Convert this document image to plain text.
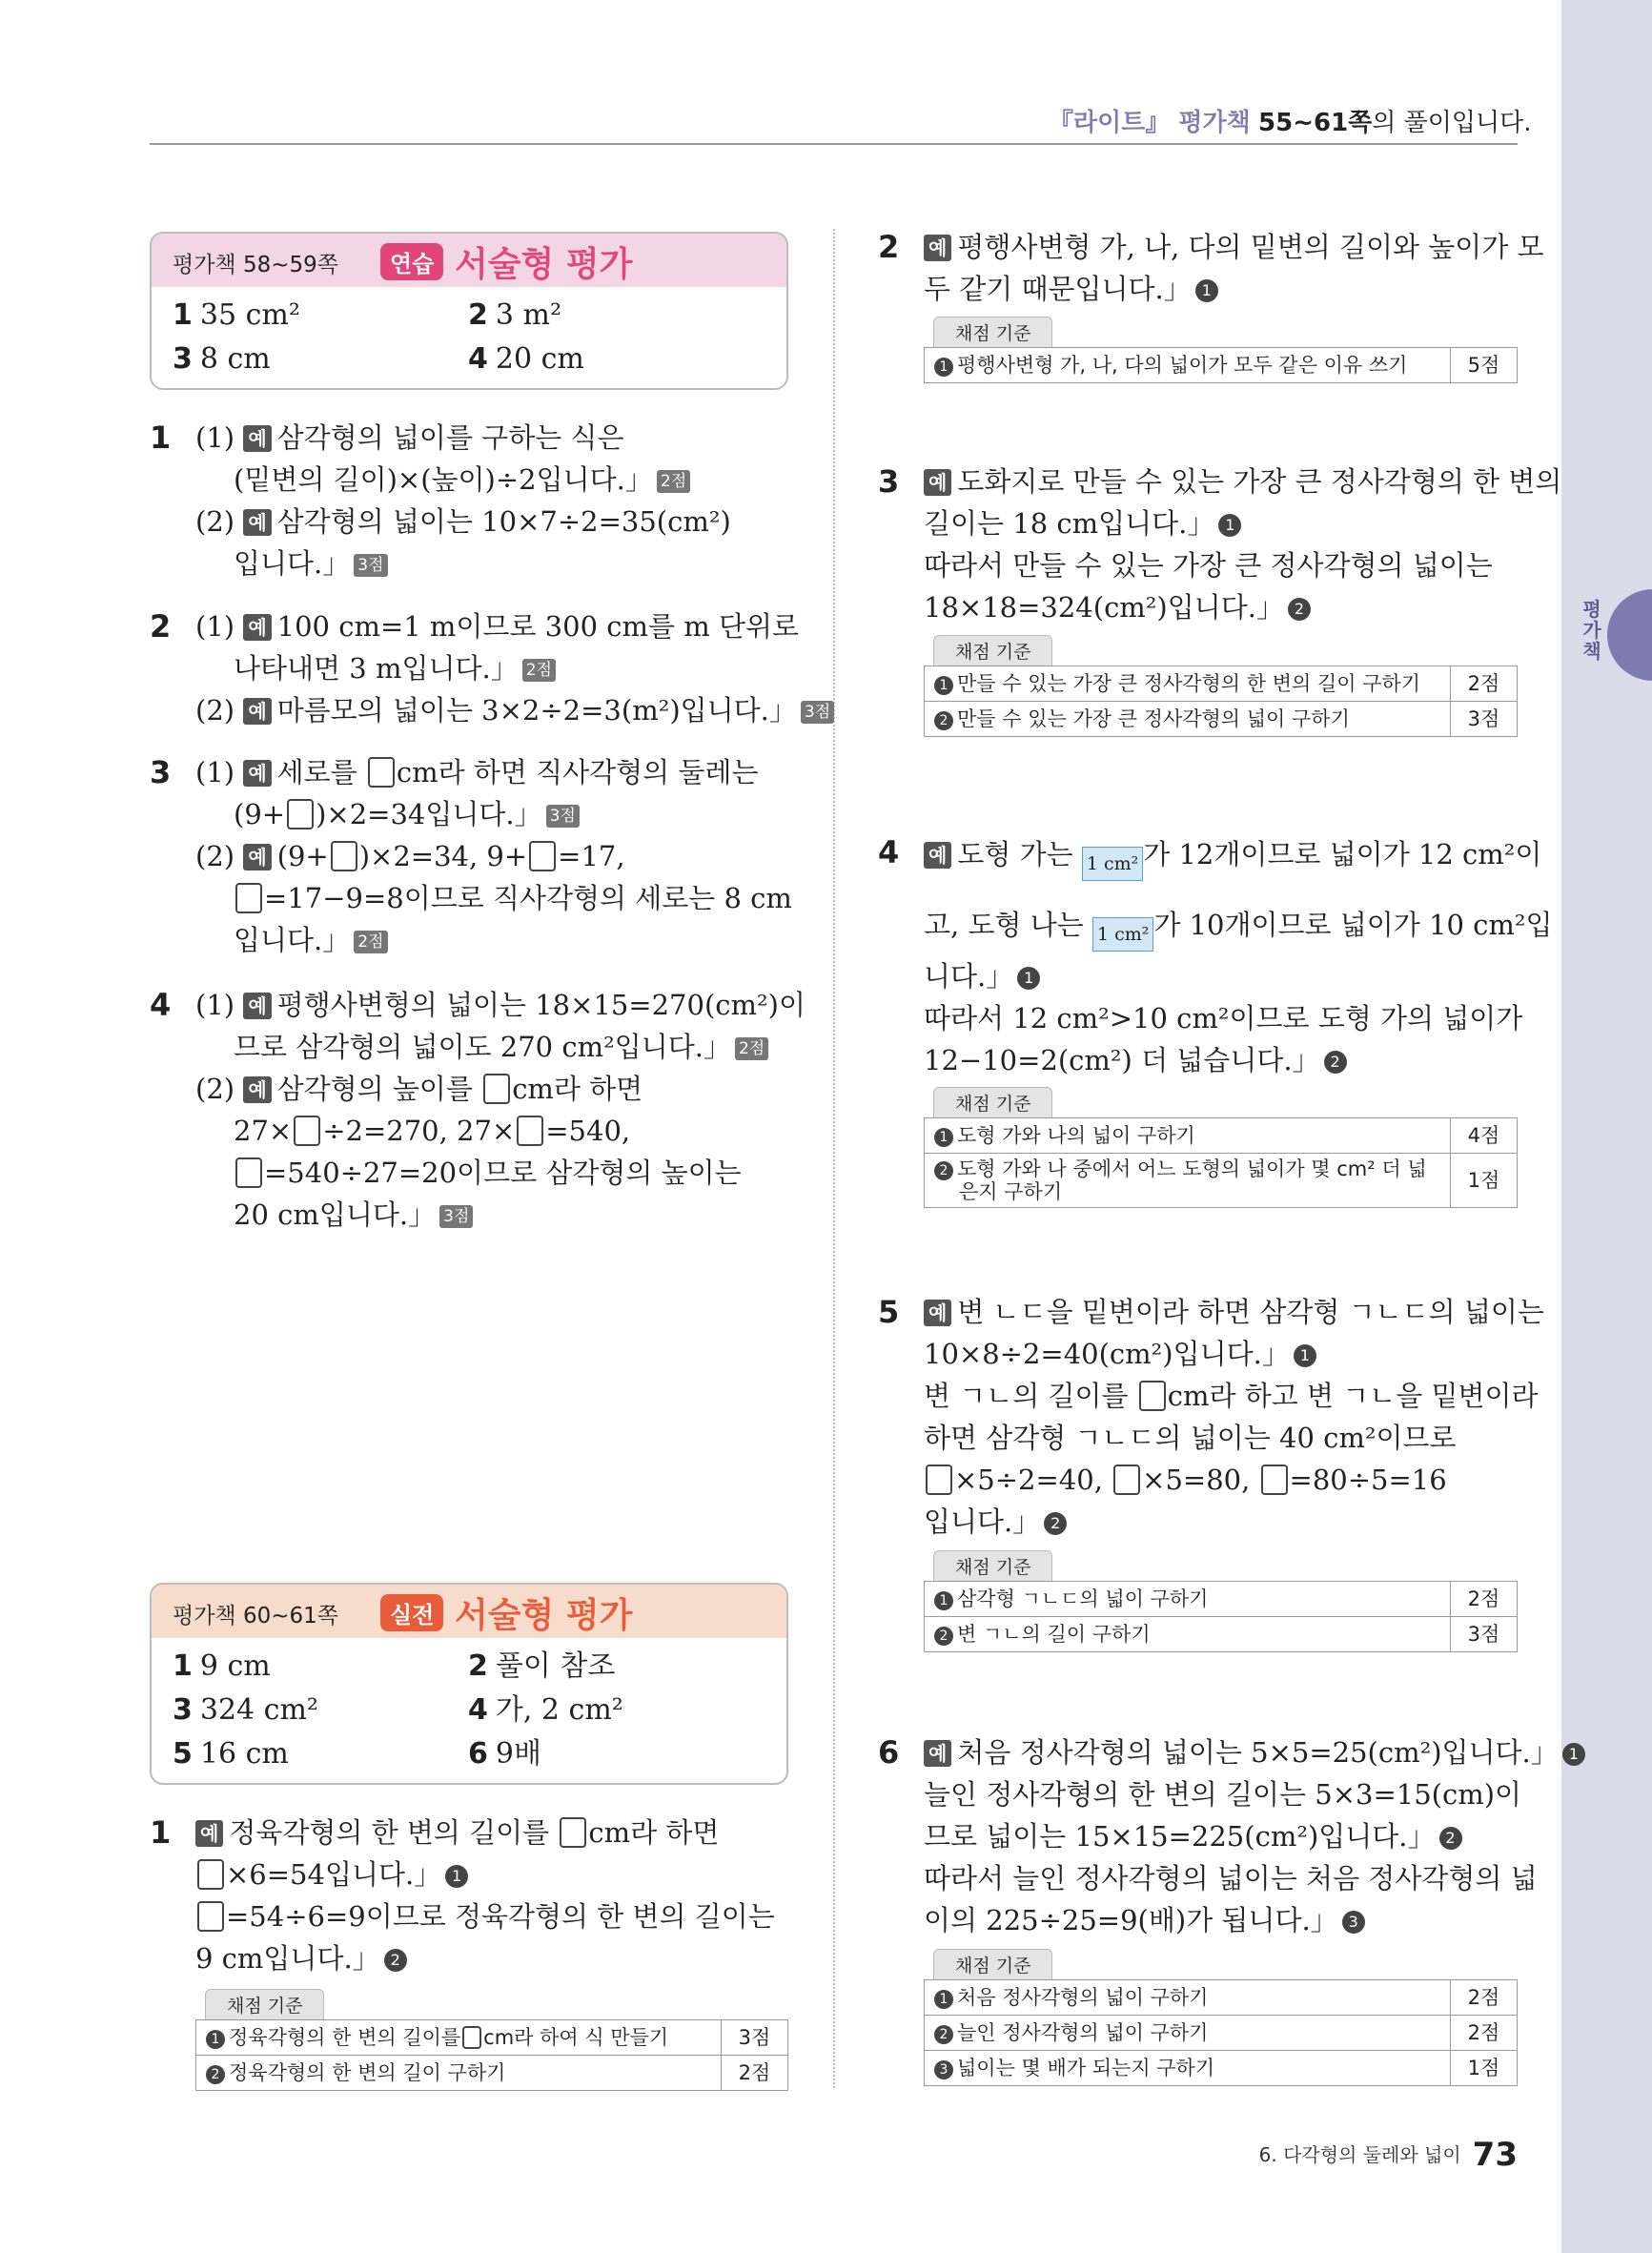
평가책
『라이트』 평가책 55~61쪽의 풀이입니다.
평가책 58~59쪽	연습 서술형 평가
1 35 cm²	2 3 m²
3 8 cm	4 20 cm
1 (1) 예 삼각형의 넓이를 구하는 식은
(밑변의 길이)×(높이)÷2입니다.」 2점
(2) 예 삼각형의 넓이는 10×7÷2=35(cm²)
입니다.」 3점
2 (1) 예 100 cm=1 m이므로 300 cm를 m 단위로
나타내면 3 m입니다.」 2점
(2) 예 마름모의 넓이는 3×2÷2=3(m²)입니다.」 3점
3 (1) 예 세로를 cm라 하면 직사각형의 둘레는
(9+ )×2=34입니다.」 3점
(2) 예 (9+ )×2=34, 9+ =17,
=17−9=8이므로 직사각형의 세로는 8 cm
입니다.」 2점
4 (1) 예 평행사변형의 넓이는 18×15=270(cm²)이
므로 삼각형의 넓이도 270 cm²입니다.」 2점
(2) 예 삼각형의 높이를 cm라 하면
27× ÷2=270, 27× =540,
=540÷27=20이므로 삼각형의 높이는
20 cm입니다.」 3점
평가책 60~61쪽	실전 서술형 평가
1 9 cm	2 풀이 참조
3 324 cm²	4 가, 2 cm²
5 16 cm	6 9배
1 예 정육각형의 한 변의 길이를 cm라 하면
×6=54입니다.」 1
=54÷6=9이므로 정육각형의 한 변의 길이는
9 cm입니다.」 2
채점 기준
1 정육각형의 한 변의 길이를 cm라 하여 식 만들기	3점
2 정육각형의 한 변의 길이 구하기	2점
2 예 평행사변형 가, 나, 다의 밑변의 길이와 높이가 모
두 같기 때문입니다.」 1
채점 기준
1 평행사변형 가, 나, 다의 넓이가 모두 같은 이유 쓰기	5점
3 예 도화지로 만들 수 있는 가장 큰 정사각형의 한 변의
길이는 18 cm입니다.」 1
따라서 만들 수 있는 가장 큰 정사각형의 넓이는
18×18=324(cm²)입니다.」 2
채점 기준
1 만들 수 있는 가장 큰 정사각형의 한 변의 길이 구하기	2점
2 만들 수 있는 가장 큰 정사각형의 넓이 구하기	3점
4 예 도형 가는 1 cm² 가 12개이므로 넓이가 12 cm²이
고, 도형 나는 1 cm² 가 10개이므로 넓이가 10 cm²입
니다.」 1
따라서 12 cm²>10 cm²이므로 도형 가의 넓이가
12−10=2(cm²) 더 넓습니다.」 2
채점 기준
1 도형 가와 나의 넓이 구하기	4점
2 도형 가와 나 중에서 어느 도형의 넓이가 몇 cm² 더 넓
은지 구하기	1점
5 예 변 ㄴㄷ을 밑변이라 하면 삼각형 ㄱㄴㄷ의 넓이는
10×8÷2=40(cm²)입니다.」 1
변 ㄱㄴ의 길이를 cm라 하고 변 ㄱㄴ을 밑변이라
하면 삼각형 ㄱㄴㄷ의 넓이는 40 cm²이므로
×5÷2=40, ×5=80, =80÷5=16
입니다.」 2
채점 기준
1 삼각형 ㄱㄴㄷ의 넓이 구하기	2점
2 변 ㄱㄴ의 길이 구하기	3점
6 예 처음 정사각형의 넓이는 5×5=25(cm²)입니다.」 1
늘인 정사각형의 한 변의 길이는 5×3=15(cm)이
므로 넓이는 15×15=225(cm²)입니다.」 2
따라서 늘인 정사각형의 넓이는 처음 정사각형의 넓
이의 225÷25=9(배)가 됩니다.」 3
채점 기준
1 처음 정사각형의 넓이 구하기	2점
2 늘인 정사각형의 넓이 구하기	2점
3 넓이는 몇 배가 되는지 구하기	1점
6. 다각형의 둘레와 넓이 73
